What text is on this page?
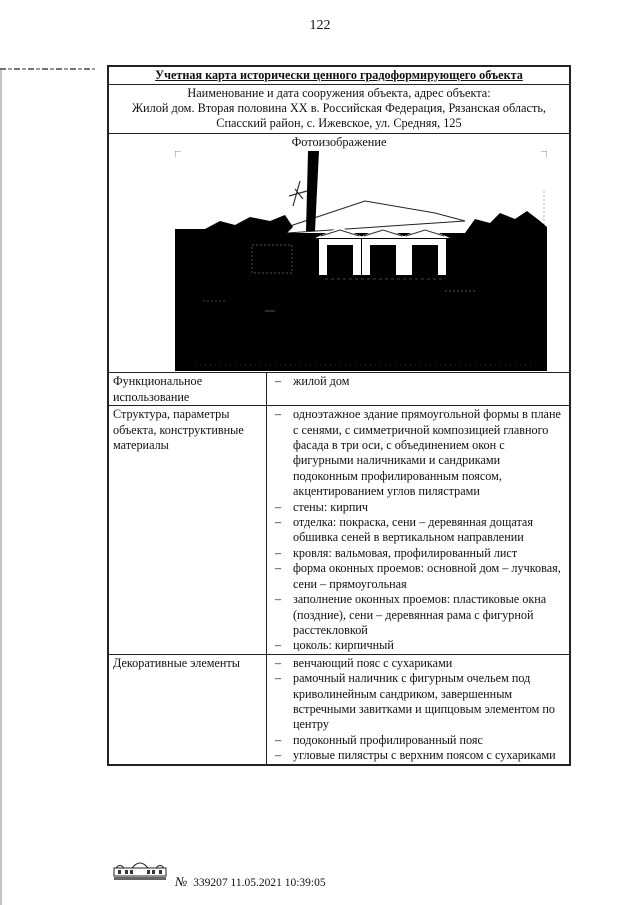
122
Учетная карта исторически ценного градоформирующего объекта	

Наименование и дата сооружения объекта, адрес объекта:
Жилой дом. Вторая половина XX в. Российская Федерация, Рязанская область,
Спасский район, с. Ижевское, ул. Средняя, 125	

Фотоизображение	

Функциональное использование	
– жилой дом

Структура, параметры объекта, конструктивные материалы	
– одноэтажное здание прямоугольной формы в плане с сенями, с симметричной композицией главного фасада в три оси, с объединением окон с фигурными наличниками и сандриками подоконным профилированным поясом, акцентированием углов пилястрами
– стены: кирпич
– отделка: покраска, сени – деревянная дощатая обшивка сеней в вертикальном направлении
– кровля: вальмовая, профилированный лист
– форма оконных проемов: основной дом – лучковая, сени – прямоугольная
– заполнение оконных проемов: пластиковые окна (поздние), сени – деревянная рама с фигурной расстекловкой
– цоколь: кирпичный

Декоративные элементы	
–венчающий пояс с сухариками
– рамочный наличник с фигурным очельем под криволинейным сандриком, завершенным встречными завитками и щипцовым элементом по центру
– подоконный профилированный пояс
– угловые пилястры с верхним поясом с сухариками
№ 339207 11.05.2021 10:39:05
